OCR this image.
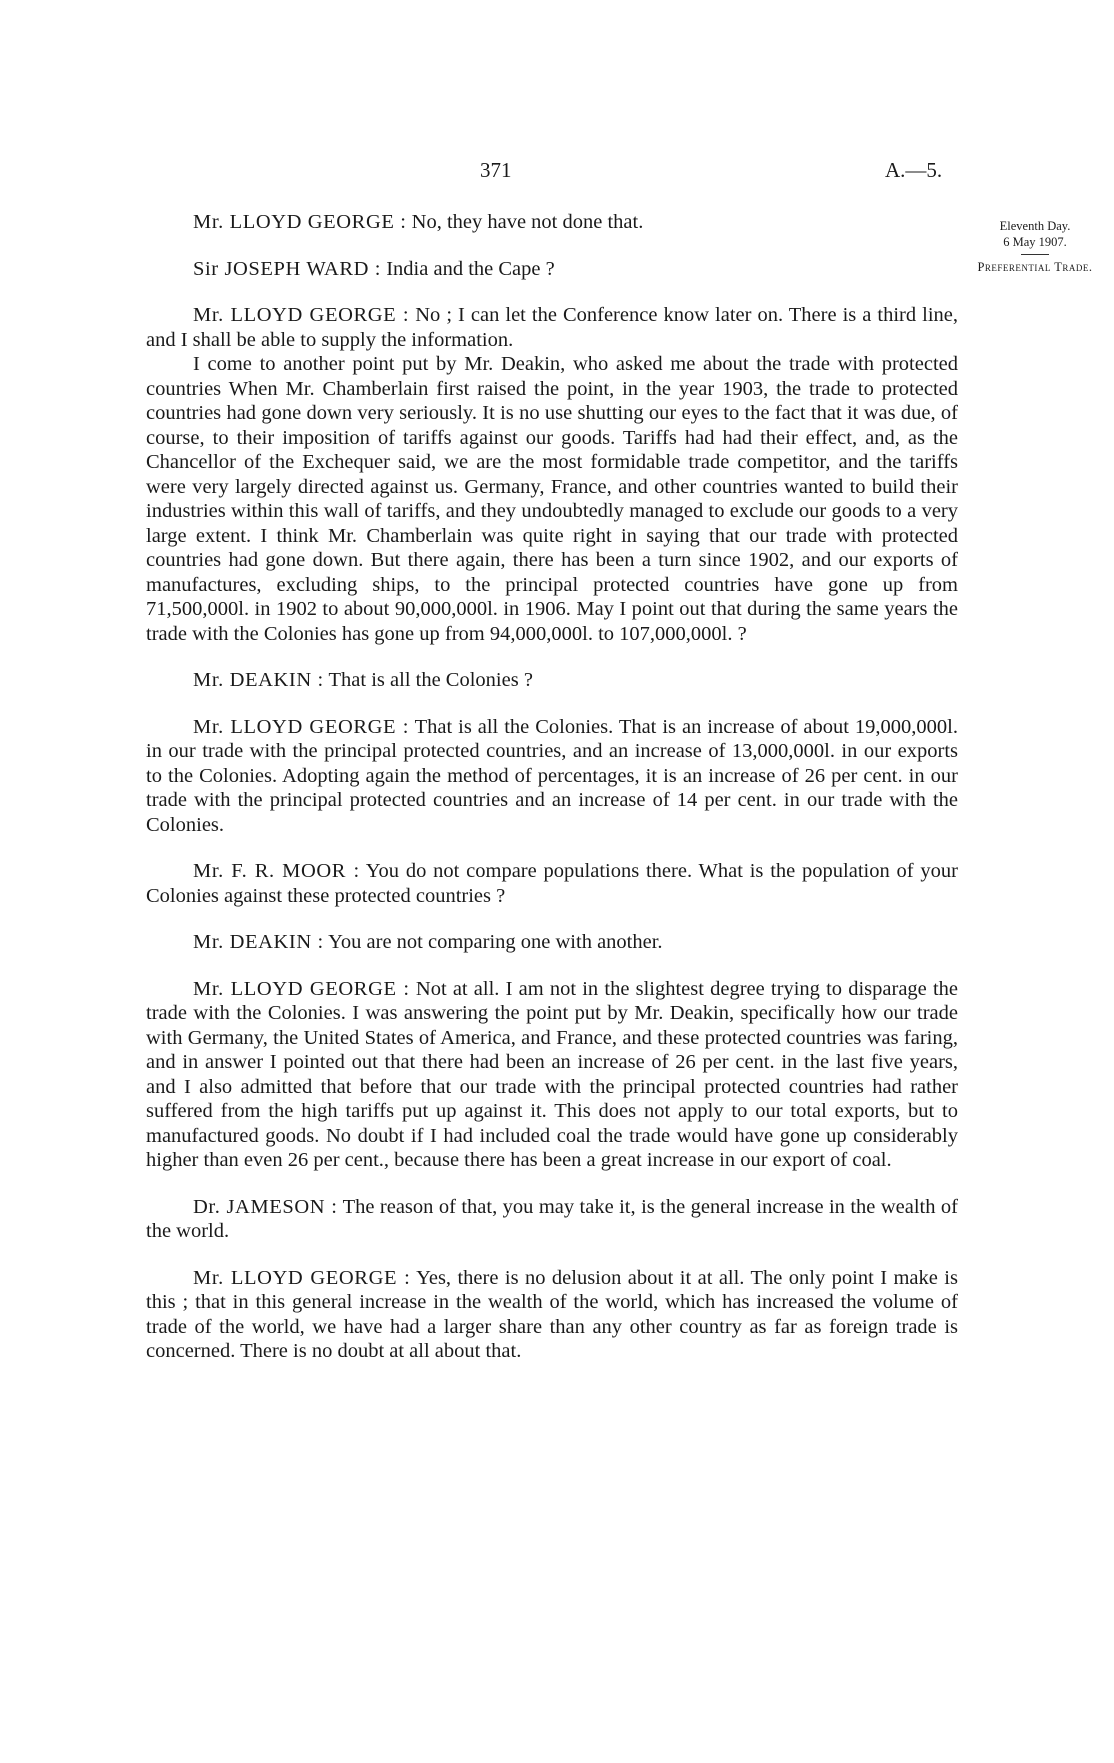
371	A.—5.
Eleventh Day.
6 May 1907.
Preferential Trade.

Mr. LLOYD GEORGE : No, they have not done that.

Sir JOSEPH WARD : India and the Cape ?

Mr. LLOYD GEORGE : No ; I can let the Conference know later on. There is a third line, and I shall be able to supply the information.

I come to another point put by Mr. Deakin, who asked me about the trade with protected countries When Mr. Chamberlain first raised the point, in the year 1903, the trade to protected countries had gone down very seriously. It is no use shutting our eyes to the fact that it was due, of course, to their imposition of tariffs against our goods. Tariffs had had their effect, and, as the Chancellor of the Exchequer said, we are the most formidable trade competitor, and the tariffs were very largely directed against us. Germany, France, and other countries wanted to build their industries within this wall of tariffs, and they undoubtedly managed to exclude our goods to a very large extent. I think Mr. Chamberlain was quite right in saying that our trade with protected countries had gone down. But there again, there has been a turn since 1902, and our exports of manufactures, excluding ships, to the principal protected countries have gone up from 71,500,000l. in 1902 to about 90,000,000l. in 1906. May I point out that during the same years the trade with the Colonies has gone up from 94,000,000l. to 107,000,000l. ?

Mr. DEAKIN : That is all the Colonies ?

Mr. LLOYD GEORGE : That is all the Colonies. That is an increase of about 19,000,000l. in our trade with the principal protected countries, and an increase of 13,000,000l. in our exports to the Colonies. Adopting again the method of percentages, it is an increase of 26 per cent. in our trade with the principal protected countries and an increase of 14 per cent. in our trade with the Colonies.

Mr. F. R. MOOR : You do not compare populations there. What is the population of your Colonies against these protected countries ?

Mr. DEAKIN : You are not comparing one with another.

Mr. LLOYD GEORGE : Not at all. I am not in the slightest degree trying to disparage the trade with the Colonies. I was answering the point put by Mr. Deakin, specifically how our trade with Germany, the United States of America, and France, and these protected countries was faring, and in answer I pointed out that there had been an increase of 26 per cent. in the last five years, and I also admitted that before that our trade with the principal protected countries had rather suffered from the high tariffs put up against it. This does not apply to our total exports, but to manufactured goods. No doubt if I had included coal the trade would have gone up considerably higher than even 26 per cent., because there has been a great increase in our export of coal.

Dr. JAMESON : The reason of that, you may take it, is the general increase in the wealth of the world.

Mr. LLOYD GEORGE : Yes, there is no delusion about it at all. The only point I make is this ; that in this general increase in the wealth of the world, which has increased the volume of trade of the world, we have had a larger share than any other country as far as foreign trade is concerned. There is no doubt at all about that.
